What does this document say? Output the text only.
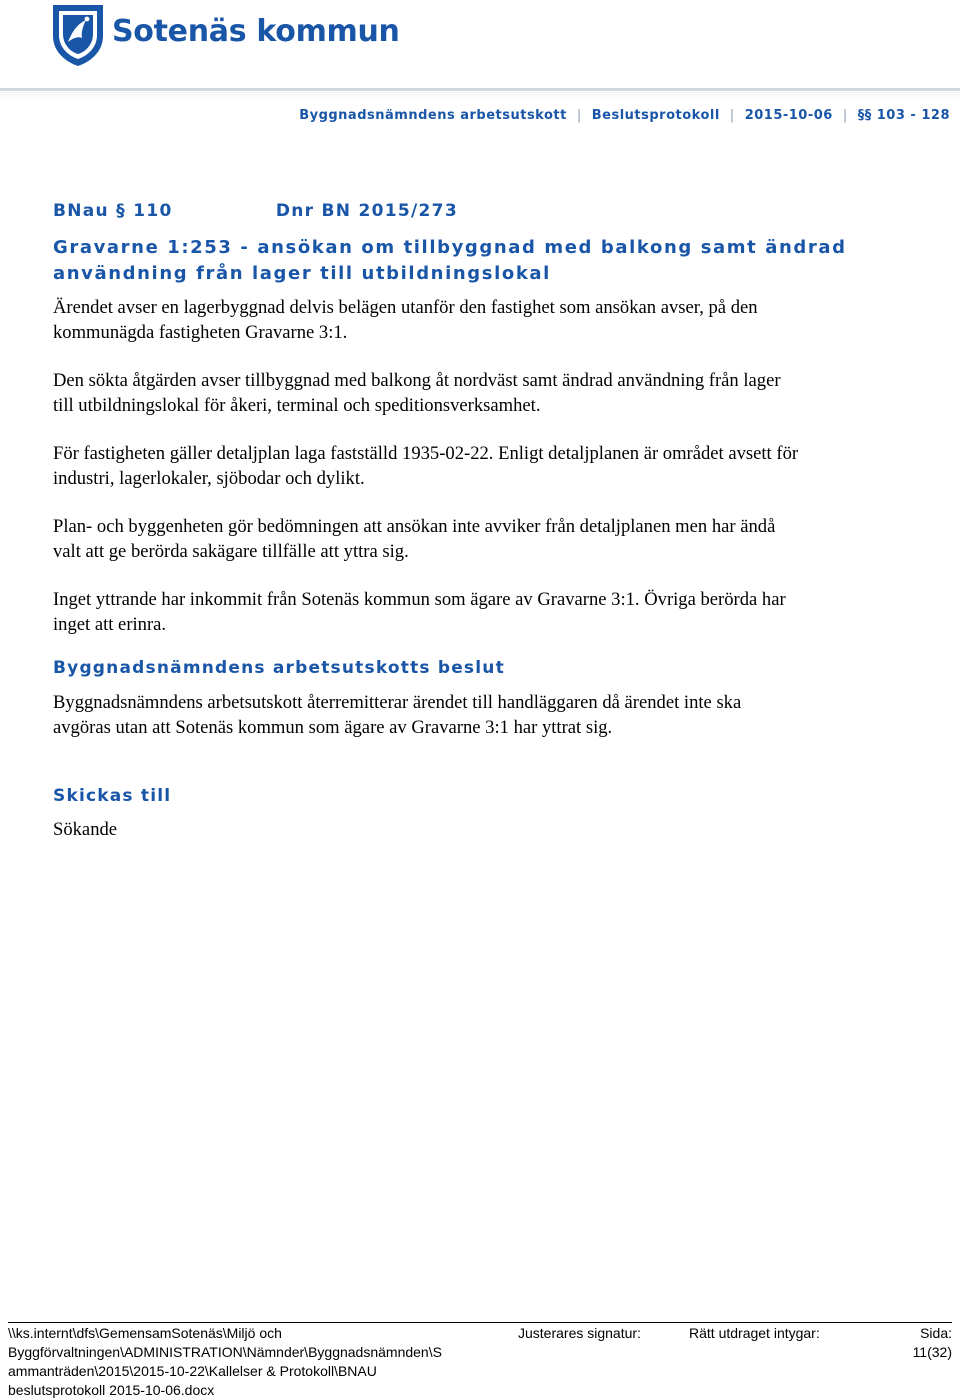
Sotenäs kommun
Byggnadsnämndens arbetsutskott | Beslutsprotokoll | 2015-10-06 | §§ 103 - 128
BNau § 110	Dnr BN 2015/273
Gravarne 1:253 - ansökan om tillbyggnad med balkong samt ändrad
användning från lager till utbildningslokal

Ärendet avser en lagerbyggnad delvis belägen utanför den fastighet som ansökan avser, på den

kommunägda fastigheten Gravarne 3:1.

Den sökta åtgärden avser tillbyggnad med balkong åt nordväst samt ändrad användning från lager

till utbildningslokal för åkeri, terminal och speditionsverksamhet.

För fastigheten gäller detaljplan laga fastställd 1935-02-22. Enligt detaljplanen är området avsett för

industri, lagerlokaler, sjöbodar och dylikt.

Plan- och byggenheten gör bedömningen att ansökan inte avviker från detaljplanen men har ändå

valt att ge berörda sakägare tillfälle att yttra sig.

Inget yttrande har inkommit från Sotenäs kommun som ägare av Gravarne 3:1. Övriga berörda har

inget att erinra.

Byggnadsnämndens arbetsutskotts beslut

Byggnadsnämndens arbetsutskott återremitterar ärendet till handläggaren då ärendet inte ska

avgöras utan att Sotenäs kommun som ägare av Gravarne 3:1 har yttrat sig.

Skickas till
Sökande
\\ks.internt\dfs\GemensamSotenäs\Miljö och
Byggförvaltningen\ADMINISTRATION\Nämnder\Byggnadsnämnden\S
ammanträden\2015\2015-10-22\Kallelser & Protokoll\BNAU
beslutsprotokoll 2015-10-06.docx
Justerares signatur:	Rätt utdraget intygar:	Sida:
11(32)
